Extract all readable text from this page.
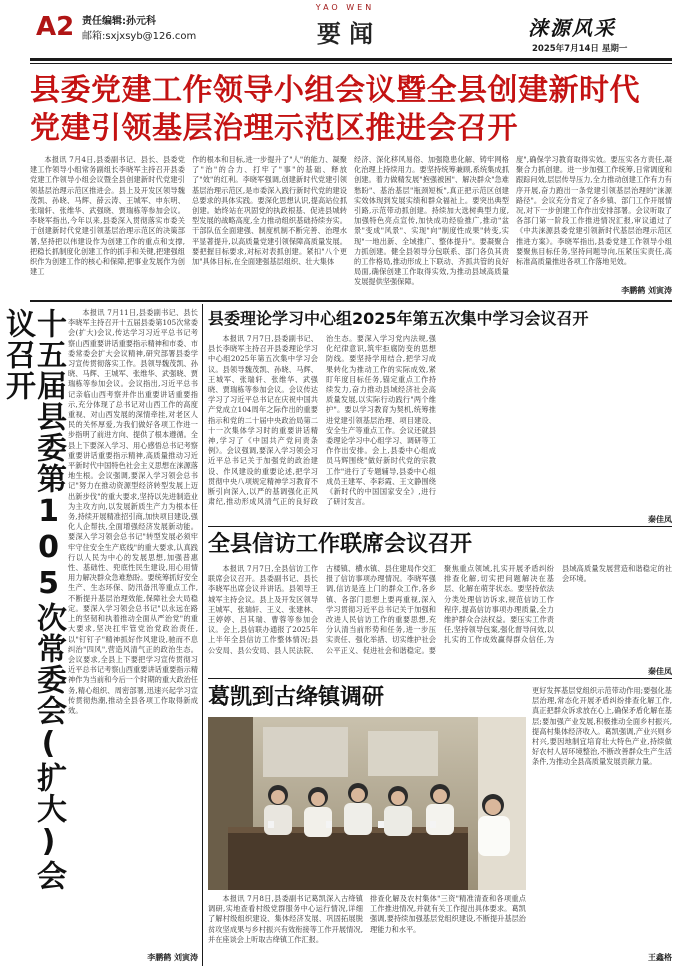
A2 责任编辑:孙元科
邮箱:sxjxsyb@126.com
YAO WEN
要 闻	涞源风采
2025年7月14日 星期一
县委党建工作领导小组会议暨全县创建新时代
党建引领基层治理示范区推进会召开

本报讯 7月4日,县委副书记、县长、县委党建工作领导小组常务副组长李晓军主持召开县委党建工作领导小组会议暨全县创建新时代党建引领基层治理示范区推进会。县上及开发区领导魏茂凯、孙晓、马辉、薛云涛、王城军、申东明、张瑞轩、张维华、武强晓、贾瑞栋等参加会议。李晓军指出,今年以来,县委深入贯彻落实市委关于创建新时代党建引领基层治理示范区的决策部署,坚持把以伟建设作为创建工作的重点和支撑,把稳长抓制度化创建工作的抓手和关键,把建强组织作为创建工作的核心和保障,把事业发展作为创建工

作的根本和目标,进一步提升了"人"的能力、凝聚了"治"的合力、打牢了"事"的基础、释放了"效"的红利。李晓军强调,创建新时代党建引领基层治理示范区,是市委深入践行新时代党的建设总要求的具体实践。要深化思想认识,提高站位抓创建。始终站在巩固党的执政根基、促进县城转型发展的战略高度,全力推动组织基础持续夯实。干部队伍全面建强、制度机制不断完善、治理水平显著提升,以高质量党建引领保障高质量发展。要把握目标要求,对标对表抓创建。紧扣"八个更加"具体目标,在全面建强基层组织、壮大集体

经济、深化移风易俗、加强隐患化解、铸牢网格化治理上持续用力。要坚持统筹兼顾,系统集成抓创建。着力做精发展"抱强被困"、解决群众"急难愁盼"、基治基层"瓶颈短板",真正把示范区创建实效体现到发展实绩和群众福祉上。要突出典型引路,示范带动抓创建。持续加大选树典型力度,加强特色亮点宣传,加快成功经验推广,推动"盆景"变成"风景"、实现"向"制度性成果"转变,实现"一地出新、全域推广、整体提升"。要凝聚合力抓创建。健全县领导分包联系、部门各负其责的工作格局,推动形成上下联动、齐抓共管的良好局面,确保创建工作取得实效,为推动县域高质量发展提供坚强保障。

度",确保学习教育取得实效。要压实各方责任,凝聚合力抓创建。进一步加强工作统筹,日常调度和跟踪问效,层层传导压力,全力推动创建工作有力有序开展,奋力跑出一条党建引领基层治理的"涞源路径"。会议充分肯定了各乡镇、部门工作开展情况,对下一步创建工作作出安排部署。会议听取了各部门第一阶段工作推进情况汇报,审议通过了《中共涞源县委党建引领新时代基层治理示范区推进方案》。李晓军指出,县委党建工作领导小组要聚焦目标任务,坚持问题导向,压紧压实责任,高标准高质量推进各项工作落地见效。

李鹏鹤 刘寅涛
十五届县委第105次常委会(扩大)会议召开	本报讯 7月11日,县委副书记、县长李晓军主持召开十五届县委第105次常委会(扩大)会议,传达学习习近平总书记考察山西重要讲话重要指示精神和市委、市委常委会扩大会议精神,研究部署县委学习宣传贯彻落实工作。县领导魏茂凯、孙晓、马辉、王城军、张维华、武强晓、贾瑞栋等参加会议。会议指出,习近平总书记亲临山西考察并作出重要讲话重要指示,充分体现了总书记对山西工作的高度重视、对山西发展的深情牵挂,对老区人民的关怀厚爱,为我们做好各项工作进一步指明了前进方向、提供了根本遵循。全县上下要深入学习、用心感悟总书记考察重要讲话重要指示精神,高质量推动习近平新时代中国特色社会主义思想在涞源落地生根。会议强调,要深入学习领会总书记"努力在推动资源型经济转型发展上迈出新步伐"的重大要求,坚持以先进制造业为主攻方向,以发展新质生产力为根本任务,持续开展精准招引商,加快项目建设,强化人企帮扶,全面增强经济发展新动能。要深入学习领会总书记"转型发展必须牢牢守住安全生产底线"的重大要求,认真践行以人民为中心的发展思想,加强普惠性、基础性、兜底性民生建设,用心用情用力解决群众急难愁盼。要统筹抓好安全生产、生态环保、防汛备汛等重点工作,不断提升基层治理效能,保障社会大局稳定。要深入学习领会总书记"以永远在路上的坚韧和执着推动全面从严治党"的重大要求,坚决扛牢管党治党政治责任,以"钉钉子"精神抓好作风建设,驰而不息纠治"四风",营造风清气正的政治生态。会议要求,全县上下要把学习宣传贯彻习近平总书记考察山西重要讲话重要指示精神作为当前和今后一个时期的重大政治任务,精心组织、周密部署,迅速兴起学习宣传贯彻热潮,推动全县各项工作取得新成效。

李鹏鹤 刘寅涛
县委理论学习中心组2025年第五次集中学习会议召开

本报讯 7月7日,县委副书记、县长李晓军主持召开县委理论学习中心组2025年第五次集中学习会议。县领导魏茂凯、孙晓、马辉、王城军、张瑞轩、张维华、武强晓、贾瑞栋等参加会议。会议传达学习了习近平总书记在庆祝中国共产党成立104周年之际作出的重要指示和党的二十届中央政治局第二十一次集体学习时的重要讲话精神,学习了《中国共产党问责条例》。会议强调,要深入学习领会习近平总书记关于加强党的政治建设、作风建设的重要论述,把学习贯彻中央八项规定精神学习教育不断引向深入,以严的基调强化正风肃纪,推动形成风清气正的良好政治生态。要深入学习党内法规,强化纪律意识,筑牢拒腐防变的思想防线。要坚持学用结合,把学习成果转化为推动工作的实际成效,紧盯年度目标任务,锚定重点工作持续发力,奋力推动县域经济社会高质量发展,以实际行动践行"两个维护"。要以学习教育为契机,统筹推进党建引领基层治理、项目建设、安全生产等重点工作。会议还就县委理论学习中心组学习、调研等工作作出安排。会上,县委中心组成员马辉围绕"做好新时代党的宗教工作"进行了专题辅导,县委中心组成员王建军、李彩霞、王文静围绕《新时代的中国国家安全》,进行了研讨发言。

秦佳凤
全县信访工作联席会议召开

本报讯 7月7日,全县信访工作联席会议召开。县委副书记、县长李晓军出席会议并讲话。县领导王城军主持会议。县上及开发区领导王城军、张瑞轩、王义、张建林、王婷婷、吕其瑞、曹蓉等参加会议。会上,县信联办通报了2025年上半年全县信访工作整体情况;县公安局、县公安局、县人民法院、古楼镇、横水镇、县住建局作交汇报了信访事项办理情况。李晓军强调,信访是连上门的群众工作,各乡镇、各部门思想上要再重视,深入学习贯彻习近平总书记关于加强和改进人民信访工作的重要思想,充分认清当前形势和任务,进一步压实责任、强化举措、切实维护社会公平正义、促进社会和谐稳定。要聚焦重点领域,扎实开展矛盾纠纷排查化解,切实把问题解决在基层、化解在萌芽状态。要坚持依法分类处理信访诉求,规范信访工作程序,提高信访事项办理质量,全力维护群众合法权益。要压实工作责任,坚持领导包案,强化督导问效,以扎实的工作成效赢得群众信任,为县域高质量发展营造和谐稳定的社会环境。

秦佳凤
葛凯到古绛镇调研

本报讯 7月8日,县委副书记葛凯深入古绛镇调研,实地查看村级党群服务中心运行情况,详细了解村级组织建设、集体经济发展、巩固拓展脱贫攻坚成果与乡村振兴有效衔接等工作开展情况,并在座谈会上听取古绛镇工作汇报。

排查化解及农村集体"三资"精准清查和各项重点工作推进情况,并就有关工作提出具体要求。葛凯强调,要持续加强基层党组织建设,不断提升基层治理能力和水平。

更好发挥基层党组织示范带动作用;要强化基层治理,常态化开展矛盾纠纷排查化解工作,真正把群众诉求放在心上,确保矛盾化解在基层;要加强产业发展,积极推动全面乡村振兴,提高村集体经济收入。葛凯强调,产业兴则乡村兴,要因地制宜培育壮大特色产业,持续做好农村人居环境整治,不断改善群众生产生活条件,为推动全县高质量发展贡献力量。

王鑫格
